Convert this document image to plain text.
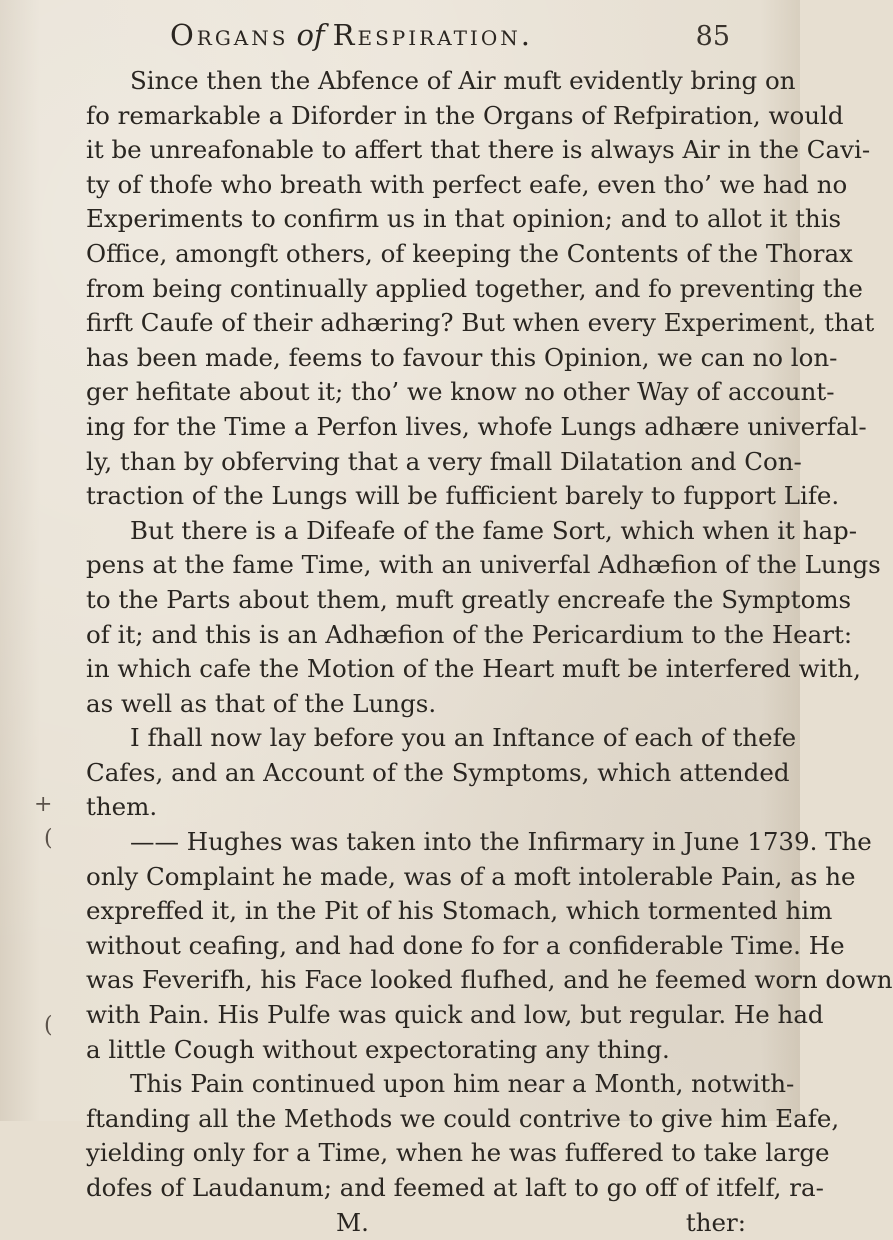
Organs of Respiration.	85
Since then the Abfence of Air muft evidently bring on
fo remarkable a Diforder in the Organs of Refpiration, would
it be unreafonable to affert that there is always Air in the Cavi-
ty of thofe who breath with perfect eafe, even tho’ we had no
Experiments to confirm us in that opinion; and to allot it this
Office, amongft others, of keeping the Contents of the Thorax
from being continually applied together, and fo preventing the
firft Caufe of their adhæring? But when every Experiment, that
has been made, feems to favour this Opinion, we can no lon-
ger hefitate about it; tho’ we know no other Way of account-
ing for the Time a Perfon lives, whofe Lungs adhære univerfal-
ly, than by obferving that a very fmall Dilatation and Con-
traction of the Lungs will be fufficient barely to fupport Life.
But there is a Difeafe of the fame Sort, which when it hap-
pens at the fame Time, with an univerfal Adhæfion of the Lungs
to the Parts about them, muft greatly encreafe the Symptoms
of it; and this is an Adhæfion of the Pericardium to the Heart:
in which cafe the Motion of the Heart muft be interfered with,
as well as that of the Lungs.
I fhall now lay before you an Inftance of each of thefe
Cafes, and an Account of the Symptoms, which attended
them.
—— Hughes was taken into the Infirmary in June 1739. The
only Complaint he made, was of a moft intolerable Pain, as he
expreffed it, in the Pit of his Stomach, which tormented him
without ceafing, and had done fo for a confiderable Time. He
was Feverifh, his Face looked flufhed, and he feemed worn down
with Pain. His Pulfe was quick and low, but regular. He had
a little Cough without expectorating any thing.
This Pain continued upon him near a Month, notwith-
ftanding all the Methods we could contrive to give him Eafe,
yielding only for a Time, when he was fuffered to take large
dofes of Laudanum; and feemed at laft to go off of itfelf, ra-
M.	ther:
+
(
(
